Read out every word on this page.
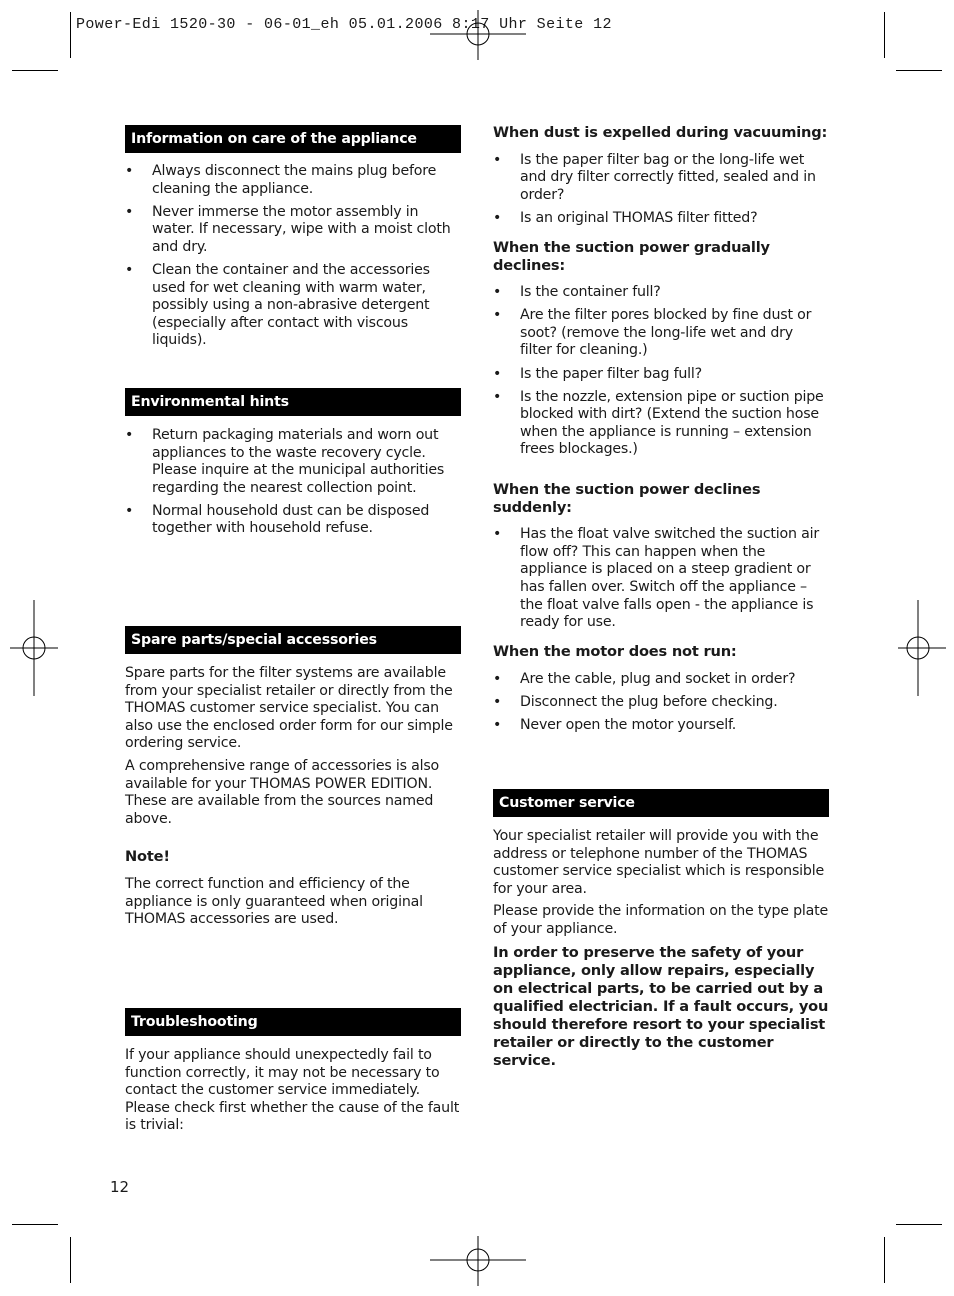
Power-Edi 1520-30 - 06-01_eh 05.01.2006 8:17 Uhr Seite 12
Information on care of the appliance
• Always disconnect the mains plug before cleaning the appliance.
• Never immerse the motor assembly in water. If necessary, wipe with a moist cloth and dry.
• Clean the container and the accessories used for wet cleaning with warm water, possibly using a non-abrasive detergent (especially after contact with viscous liquids).
Environmental hints
• Return packaging materials and worn out appliances to the waste recovery cycle. Please inquire at the municipal authorities regarding the nearest collection point.
• Normal household dust can be disposed together with household refuse.
Spare parts/special accessories

Spare parts for the filter systems are available from your specialist retailer or directly from the THOMAS customer service specialist. You can also use the enclosed order form for our simple ordering service.

A comprehensive range of accessories is also available for your THOMAS POWER EDITION. These are available from the sources named above.

Note!

The correct function and efficiency of the appliance is only guaranteed when original THOMAS accessories are used.

Troubleshooting

If your appliance should unexpectedly fail to function correctly, it may not be necessary to contact the customer service immediately. Please check first whether the cause of the fault is trivial:

When dust is expelled during vacuuming:
• Is the paper filter bag or the long-life wet and dry filter correctly fitted, sealed and in order?
• Is an original THOMAS filter fitted?
When the suction power gradually declines:
• Is the container full?
• Are the filter pores blocked by fine dust or soot? (remove the long-life wet and dry filter for cleaning.)
• Is the paper filter bag full?
• Is the nozzle, extension pipe or suction pipe blocked with dirt? (Extend the suction hose when the appliance is running – extension frees blockages.)
When the suction power declines suddenly:
• Has the float valve switched the suction air flow off? This can happen when the appliance is placed on a steep gradient or has fallen over. Switch off the appliance – the float valve falls open - the appliance is ready for use.
When the motor does not run:
• Are the cable, plug and socket in order?
• Disconnect the plug before checking.
• Never open the motor yourself.
Customer service

Your specialist retailer will provide you with the address or telephone number of the THOMAS customer service specialist which is responsible for your area.

Please provide the information on the type plate of your appliance.

In order to preserve the safety of your appliance, only allow repairs, especially on electrical parts, to be carried out by a qualified electrician. If a fault occurs, you should therefore resort to your specialist retailer or directly to the customer service.

12
